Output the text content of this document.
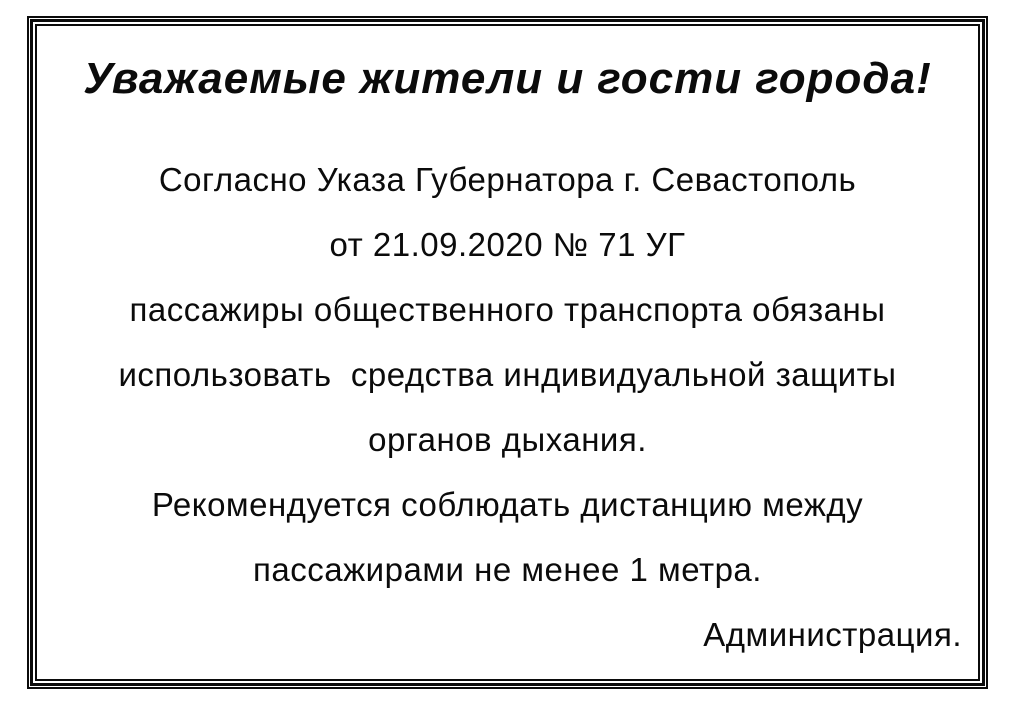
Уважаемые жители и гости города!
Согласно Указа Губернатора г. Севастополь
от 21.09.2020 № 71 УГ
пассажиры общественного транспорта обязаны
использовать  средства индивидуальной защиты
органов дыхания.
Рекомендуется соблюдать дистанцию между
пассажирами не менее 1 метра.
Администрация.
